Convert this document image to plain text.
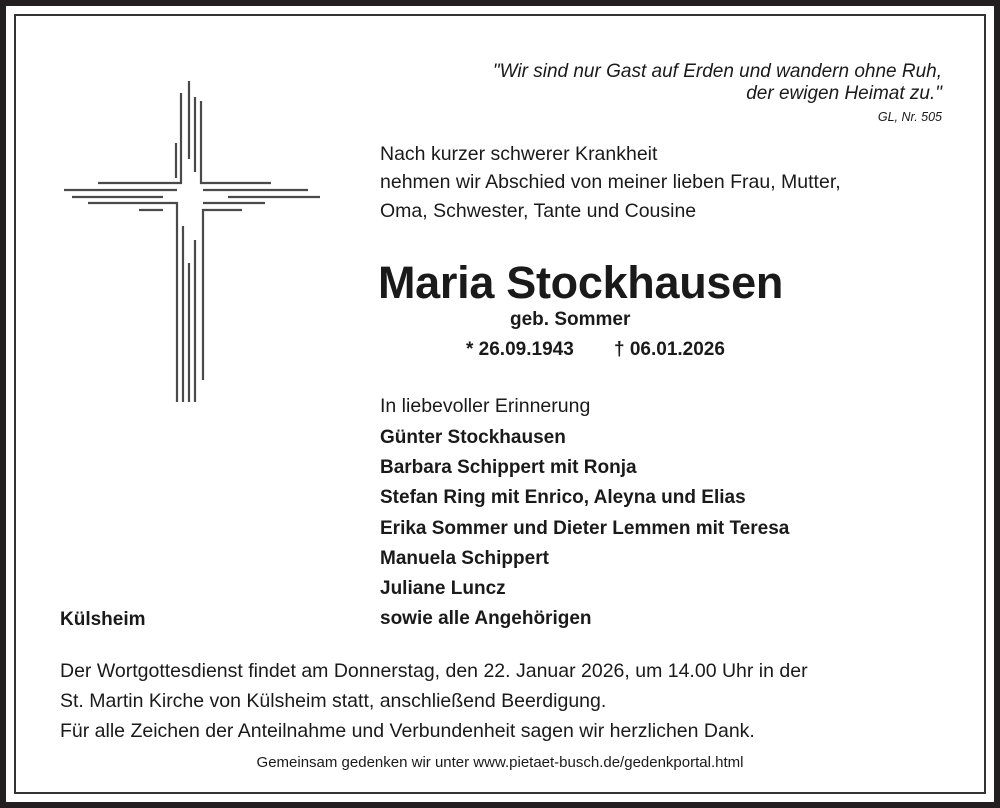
"Wir sind nur Gast auf Erden und wandern ohne Ruh,
der ewigen Heimat zu."
GL, Nr. 505
Nach kurzer schwerer Krankheit
nehmen wir Abschied von meiner lieben Frau, Mutter,
Oma, Schwester, Tante und Cousine
Maria Stockhausen
geb. Sommer
* 26.09.1943 † 06.01.2026
In liebevoller Erinnerung
Günter Stockhausen
Barbara Schippert mit Ronja
Stefan Ring mit Enrico, Aleyna und Elias
Erika Sommer und Dieter Lemmen mit Teresa
Manuela Schippert
Juliane Luncz
sowie alle Angehörigen
Külsheim
Der Wortgottesdienst findet am Donnerstag, den 22. Januar 2026, um 14.00 Uhr in der
St. Martin Kirche von Külsheim statt, anschließend Beerdigung.
Für alle Zeichen der Anteilnahme und Verbundenheit sagen wir herzlichen Dank.
Gemeinsam gedenken wir unter www.pietaet-busch.de/gedenkportal.html
